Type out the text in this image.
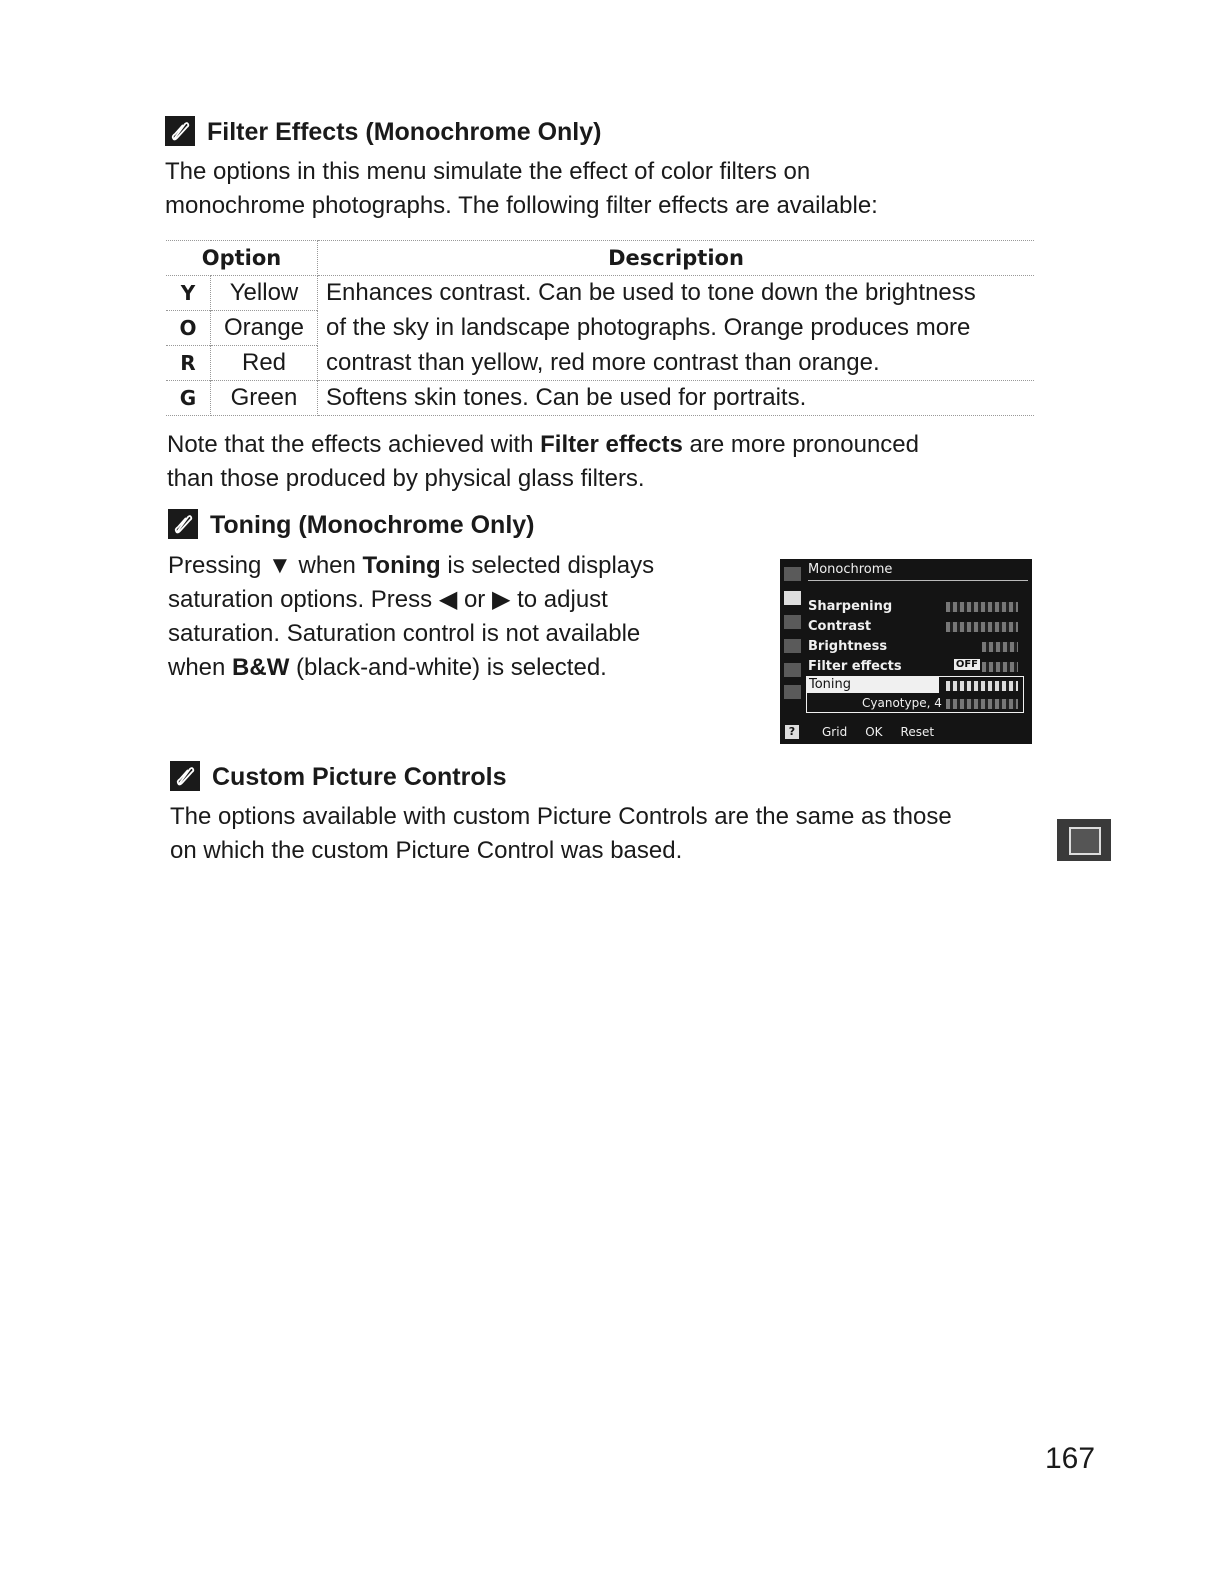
Filter Effects (Monochrome Only)
The options in this menu simulate the effect of color filters on
monochrome photographs. The following filter effects are available:
Option		Description
Y	Yellow	Enhances contrast. Can be used to tone down the brightness
O	Orange	of the sky in landscape photographs. Orange produces more
R	Red	contrast than yellow, red more contrast than orange.
G	Green	Softens skin tones. Can be used for portraits.
Note that the effects achieved with Filter effects are more pronounced
than those produced by physical glass filters.
Toning (Monochrome Only)
Pressing ▼ when Toning is selected displays
saturation options. Press ◀ or ▶ to adjust
saturation. Saturation control is not available
when B&W (black-and-white) is selected.
Monochrome
Sharpening
Contrast
Brightness
Filter effects	OFF
Toning
Cyanotype, 4
?	Grid OK Reset
Custom Picture Controls
The options available with custom Picture Controls are the same as those
on which the custom Picture Control was based.
167
